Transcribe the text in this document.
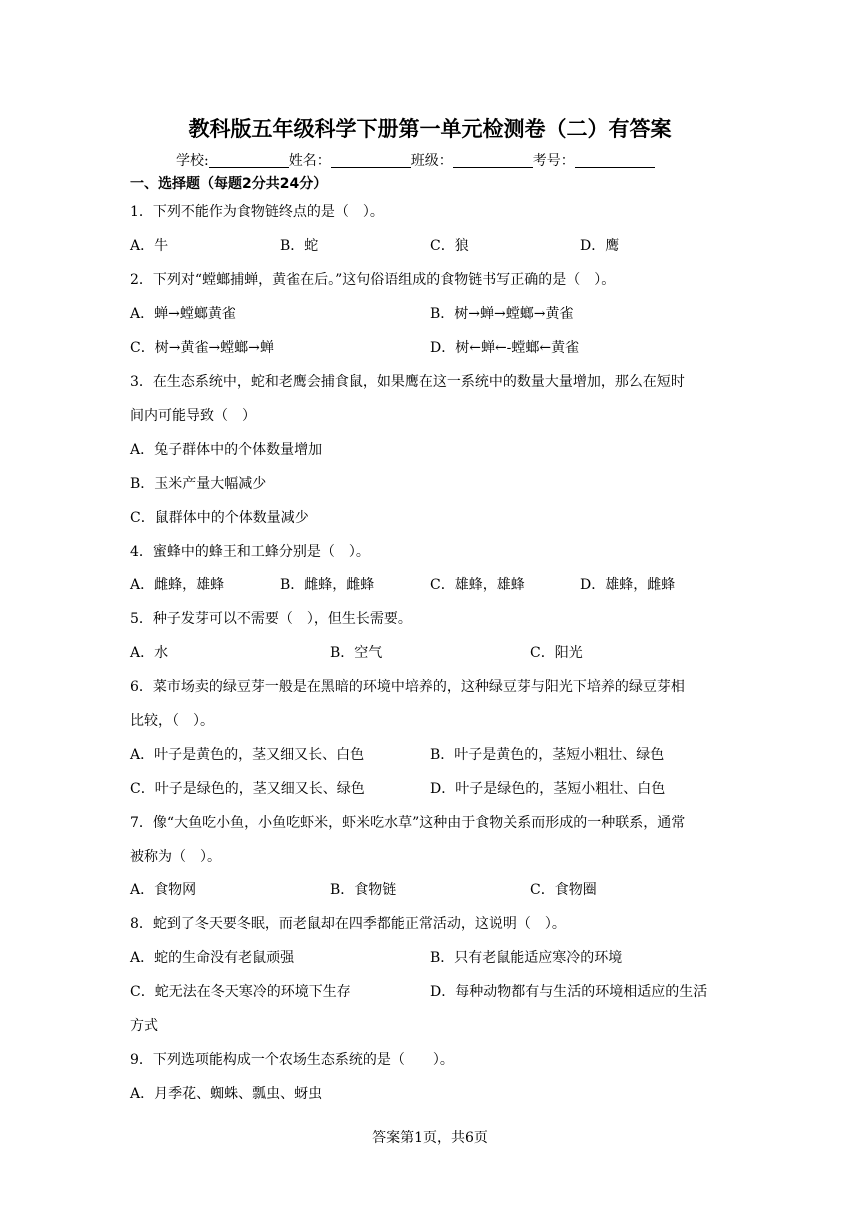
教科版五年级科学下册第一单元检测卷（二）有答案
学校:	姓名：	班级：	考号：
一、选择题（每题2分共24分）
1．下列不能作为食物链终点的是（　）。
A．牛	B．蛇	C．狼	D．鹰
2．下列对“螳螂捕蝉，黄雀在后。”这句俗语组成的食物链书写正确的是（　）。
A．蝉→螳螂黄雀	B．树→蝉→螳螂→黄雀
C．树→黄雀→螳螂→蝉	D．树←蝉←-螳螂←黄雀
3．在生态系统中，蛇和老鹰会捕食鼠，如果鹰在这一系统中的数量大量增加，那么在短时
间内可能导致（　）
A．兔子群体中的个体数量增加
B．玉米产量大幅减少
C．鼠群体中的个体数量减少
4．蜜蜂中的蜂王和工蜂分别是（　）。
A．雌蜂，雄蜂	B．雌蜂，雌蜂	C．雄蜂，雄蜂	D．雄蜂，雌蜂
5．种子发芽可以不需要（　），但生长需要。
A．水	B．空气	C．阳光
6．菜市场卖的绿豆芽一般是在黑暗的环境中培养的，这种绿豆芽与阳光下培养的绿豆芽相
比较，（　）。
A．叶子是黄色的，茎又细又长、白色	B．叶子是黄色的，茎短小粗壮、绿色
C．叶子是绿色的，茎又细又长、绿色	D．叶子是绿色的，茎短小粗壮、白色
7．像“大鱼吃小鱼，小鱼吃虾米，虾米吃水草”这种由于食物关系而形成的一种联系，通常
被称为（　）。
A．食物网	B．食物链	C．食物圈
8．蛇到了冬天要冬眠，而老鼠却在四季都能正常活动，这说明（　）。
A．蛇的生命没有老鼠顽强	B．只有老鼠能适应寒冷的环境
C．蛇无法在冬天寒冷的环境下生存	D．每种动物都有与生活的环境相适应的生活
方式
9．下列选项能构成一个农场生态系统的是（　　）。
A．月季花、蜘蛛、瓢虫、蚜虫
答案第1页，共6页
